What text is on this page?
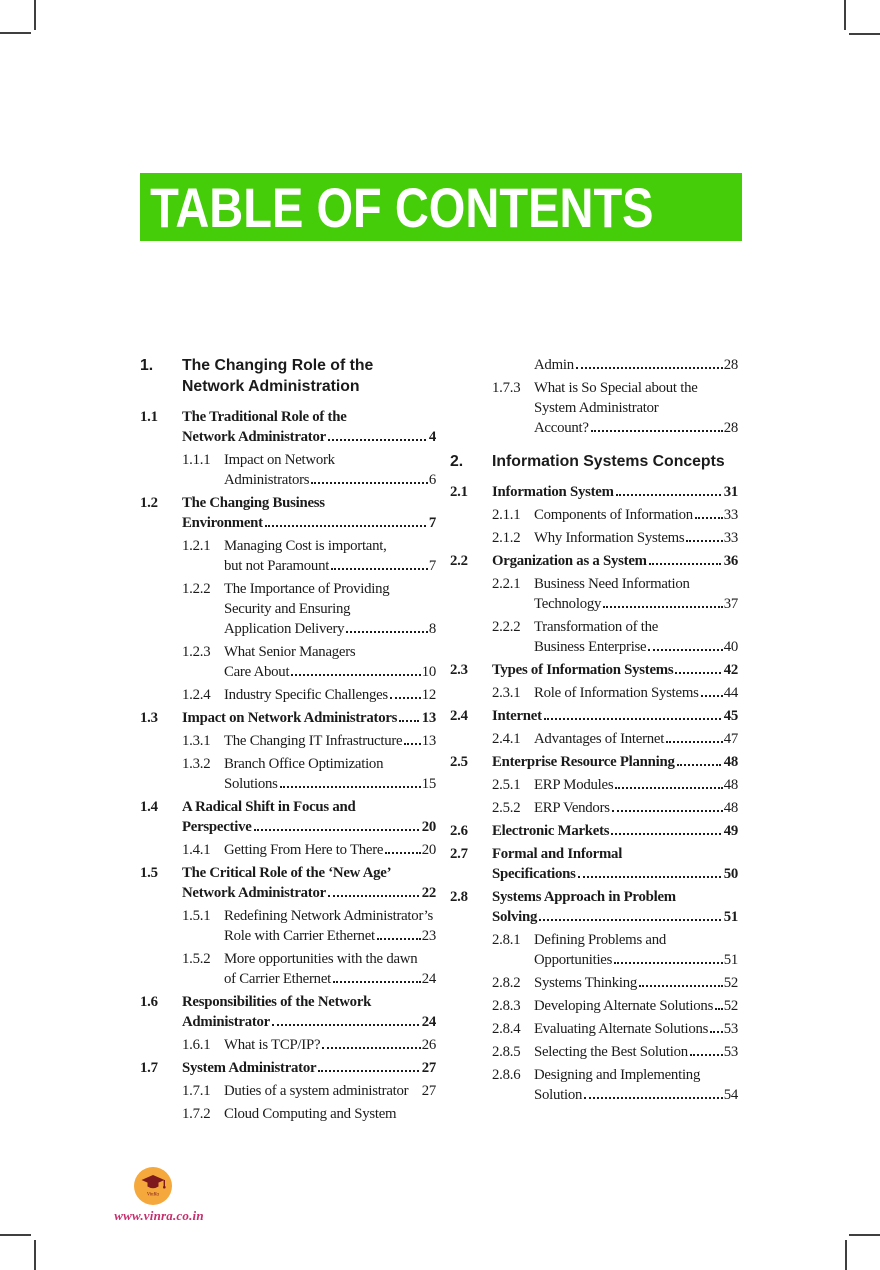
TABLE OF CONTENTS
1.	The Changing Role of the
Network Administration
1.1	The Traditional Role of the
Network Administrator	4
1.1.1 Impact on Network
Administrators	6
1.2	The Changing Business
Environment	7
1.2.1 Managing Cost is important,
but not Paramount	7
1.2.2 The Importance of Providing
Security and Ensuring
Application Delivery	8
1.2.3 What Senior Managers
Care About	10
1.2.4 Industry Specific Challenges 12
1.3	Impact on Network Administrators 13
1.3.1 The Changing IT Infrastructure 13
1.3.2 Branch Office Optimization
Solutions	15
1.4	A Radical Shift in Focus and
Perspective	20
1.4.1 Getting From Here to There	20
1.5	The Critical Role of the ‘New Age’
Network Administrator	22
1.5.1 Redefining Network Administrator’s
Role with Carrier Ethernet	23
1.5.2 More opportunities with the dawn
of Carrier Ethernet	24
1.6	Responsibilities of the Network
Administrator	24
1.6.1 What is TCP/IP?	26
1.7	System Administrator	27
1.7.1 Duties of a system administrator 27
1.7.2 Cloud Computing and System
Admin	28
1.7.3 What is So Special about the
System Administrator
Account?	28
2.	Information Systems Concepts
2.1	Information System	31
2.1.1 Components of Information 33
2.1.2 Why Information Systems	33
2.2	Organization as a System	36
2.2.1 Business Need Information
Technology	37
2.2.2 Transformation of the
Business Enterprise	40
2.3	Types of Information Systems	42
2.3.1 Role of Information Systems 44
2.4	Internet	45
2.4.1 Advantages of Internet	47
2.5	Enterprise Resource Planning	48
2.5.1 ERP Modules	48
2.5.2 ERP Vendors	48
2.6	Electronic Markets	49
2.7	Formal and Informal
Specifications	50
2.8	Systems Approach in Problem
Solving	51
2.8.1 Defining Problems and
Opportunities	51
2.8.2 Systems Thinking	52
2.8.3 Developing Alternate Solutions 52
2.8.4 Evaluating Alternate Solutions 53
2.8.5 Selecting the Best Solution 53
2.8.6 Designing and Implementing
Solution	54
VinRa
www.vinra.co.in
